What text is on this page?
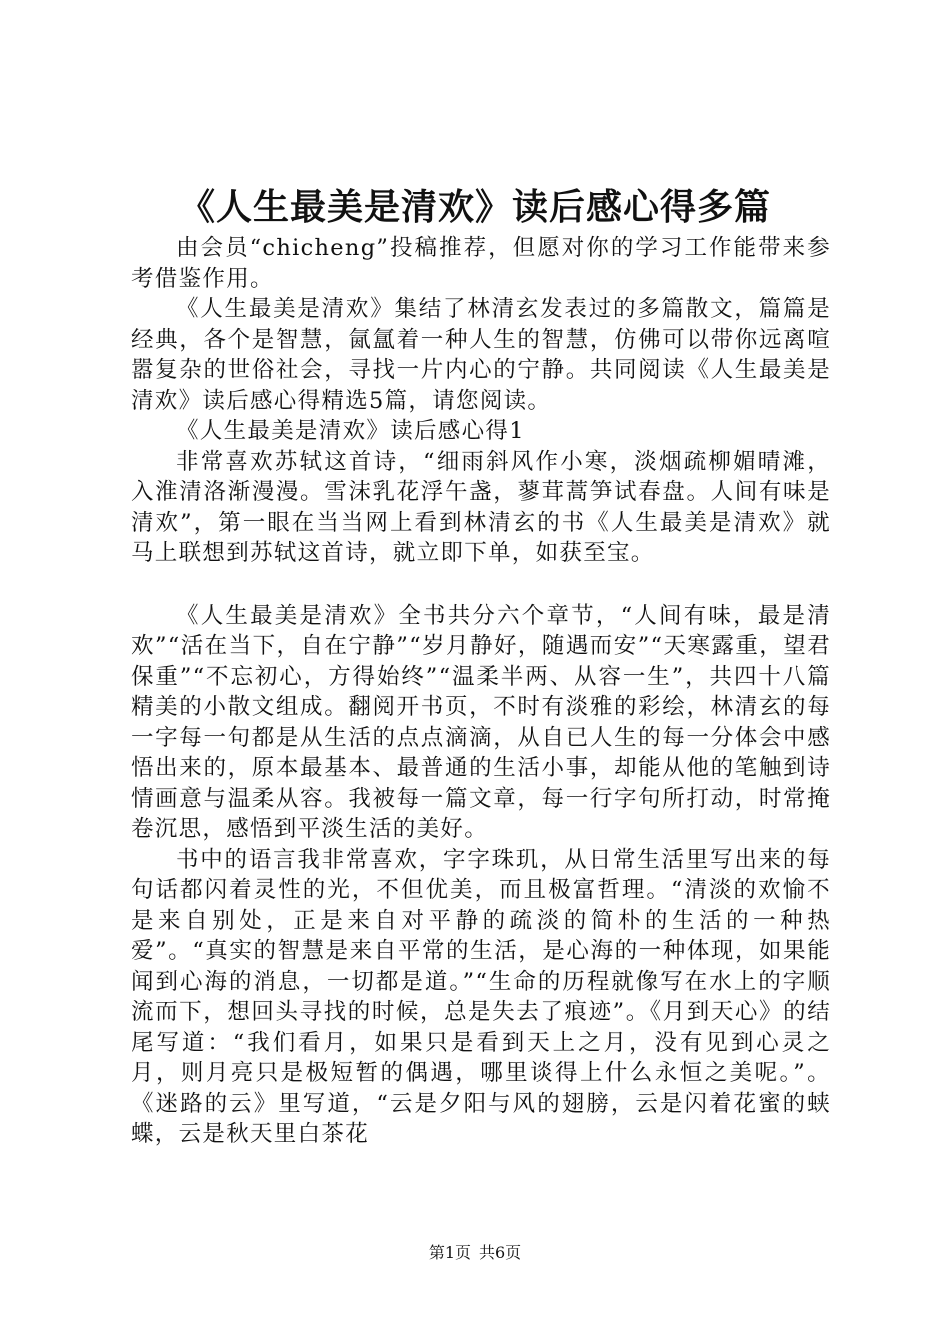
《人生最美是清欢》读后感心得多篇

由会员“chicheng”投稿推荐，但愿对你的学习工作能带来参考借鉴作用。

《人生最美是清欢》集结了林清玄发表过的多篇散文，篇篇是经典，各个是智慧，氤氲着一种人生的智慧，仿佛可以带你远离喧嚣复杂的世俗社会，寻找一片内心的宁静。共同阅读《人生最美是清欢》读后感心得精选5篇，请您阅读。

《人生最美是清欢》读后感心得1

非常喜欢苏轼这首诗，“细雨斜风作小寒，淡烟疏柳媚晴滩，入淮清洛渐漫漫。雪沫乳花浮午盏，蓼茸蒿笋试春盘。人间有味是清欢”，第一眼在当当网上看到林清玄的书《人生最美是清欢》就马上联想到苏轼这首诗，就立即下单，如获至宝。

《人生最美是清欢》全书共分六个章节，“人间有味，最是清欢”“活在当下，自在宁静”“岁月静好，随遇而安”“天寒露重，望君保重”“不忘初心，方得始终”“温柔半两、从容一生”，共四十八篇精美的小散文组成。翻阅开书页，不时有淡雅的彩绘，林清玄的每一字每一句都是从生活的点点滴滴，从自已人生的每一分体会中感悟出来的，原本最基本、最普通的生活小事，却能从他的笔触到诗情画意与温柔从容。我被每一篇文章，每一行字句所打动，时常掩卷沉思，感悟到平淡生活的美好。

书中的语言我非常喜欢，字字珠玑，从日常生活里写出来的每句话都闪着灵性的光，不但优美，而且极富哲理。“清淡的欢愉不是来自别处，正是来自对平静的疏淡的简朴的生活的一种热爱”。“真实的智慧是来自平常的生活，是心海的一种体现，如果能闻到心海的消息，一切都是道。”“生命的历程就像写在水上的字顺流而下，想回头寻找的时候，总是失去了痕迹”。《月到天心》的结尾写道：“我们看月，如果只是看到天上之月，没有见到心灵之月，则月亮只是极短暂的偶遇，哪里谈得上什么永恒之美呢。”。《迷路的云》里写道，“云是夕阳与风的翅膀，云是闪着花蜜的蛱蝶，云是秋天里白茶花

第1页 共6页
